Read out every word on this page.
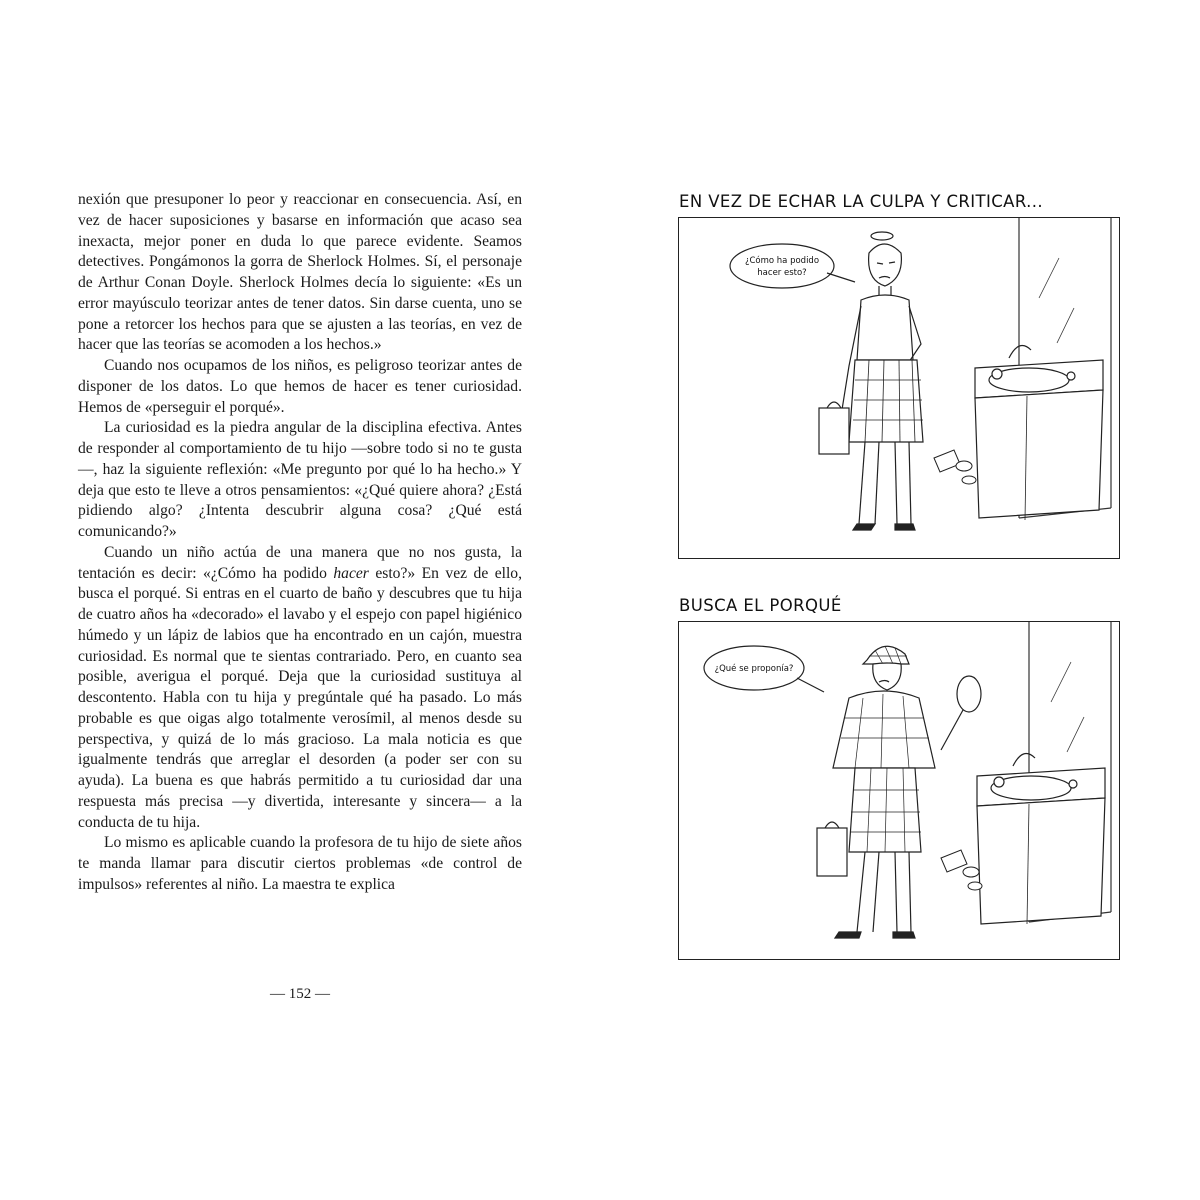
nexión que presuponer lo peor y reaccionar en consecuencia. Así, en vez de hacer suposiciones y basarse en información que acaso sea inexacta, mejor poner en duda lo que parece evidente. Seamos detectives. Pongámonos la gorra de Sherlock Holmes. Sí, el personaje de Arthur Conan Doyle. Sherlock Holmes decía lo siguiente: «Es un error mayúsculo teorizar antes de tener datos. Sin darse cuenta, uno se pone a retorcer los hechos para que se ajusten a las teorías, en vez de hacer que las teorías se acomoden a los hechos.»

Cuando nos ocupamos de los niños, es peligroso teorizar antes de disponer de los datos. Lo que hemos de hacer es tener curiosidad. Hemos de «perseguir el porqué».

La curiosidad es la piedra angular de la disciplina efectiva. Antes de responder al comportamiento de tu hijo —sobre todo si no te gusta—, haz la siguiente reflexión: «Me pregunto por qué lo ha hecho.» Y deja que esto te lleve a otros pensamientos: «¿Qué quiere ahora? ¿Está pidiendo algo? ¿Intenta descubrir alguna cosa? ¿Qué está comunicando?»

Cuando un niño actúa de una manera que no nos gusta, la tentación es decir: «¿Cómo ha podido hacer esto?» En vez de ello, busca el porqué. Si entras en el cuarto de baño y descubres que tu hija de cuatro años ha «decorado» el lavabo y el espejo con papel higiénico húmedo y un lápiz de labios que ha encontrado en un cajón, muestra curiosidad. Es normal que te sientas contrariado. Pero, en cuanto sea posible, averigua el porqué. Deja que la curiosidad sustituya al descontento. Habla con tu hija y pregúntale qué ha pasado. Lo más probable es que oigas algo totalmente verosímil, al menos desde su perspectiva, y quizá de lo más gracioso. La mala noticia es que igualmente tendrás que arreglar el desorden (a poder ser con su ayuda). La buena es que habrás permitido a tu curiosidad dar una respuesta más precisa —y divertida, interesante y sincera— a la conducta de tu hija.

Lo mismo es aplicable cuando la profesora de tu hijo de siete años te manda llamar para discutir ciertos problemas «de control de impulsos» referentes al niño. La maestra te explica

— 152 —
EN VEZ DE ECHAR LA CULPA Y CRITICAR...
¿Cómo ha podido
hacer esto?
BUSCA EL PORQUÉ
¿Qué se proponía?
